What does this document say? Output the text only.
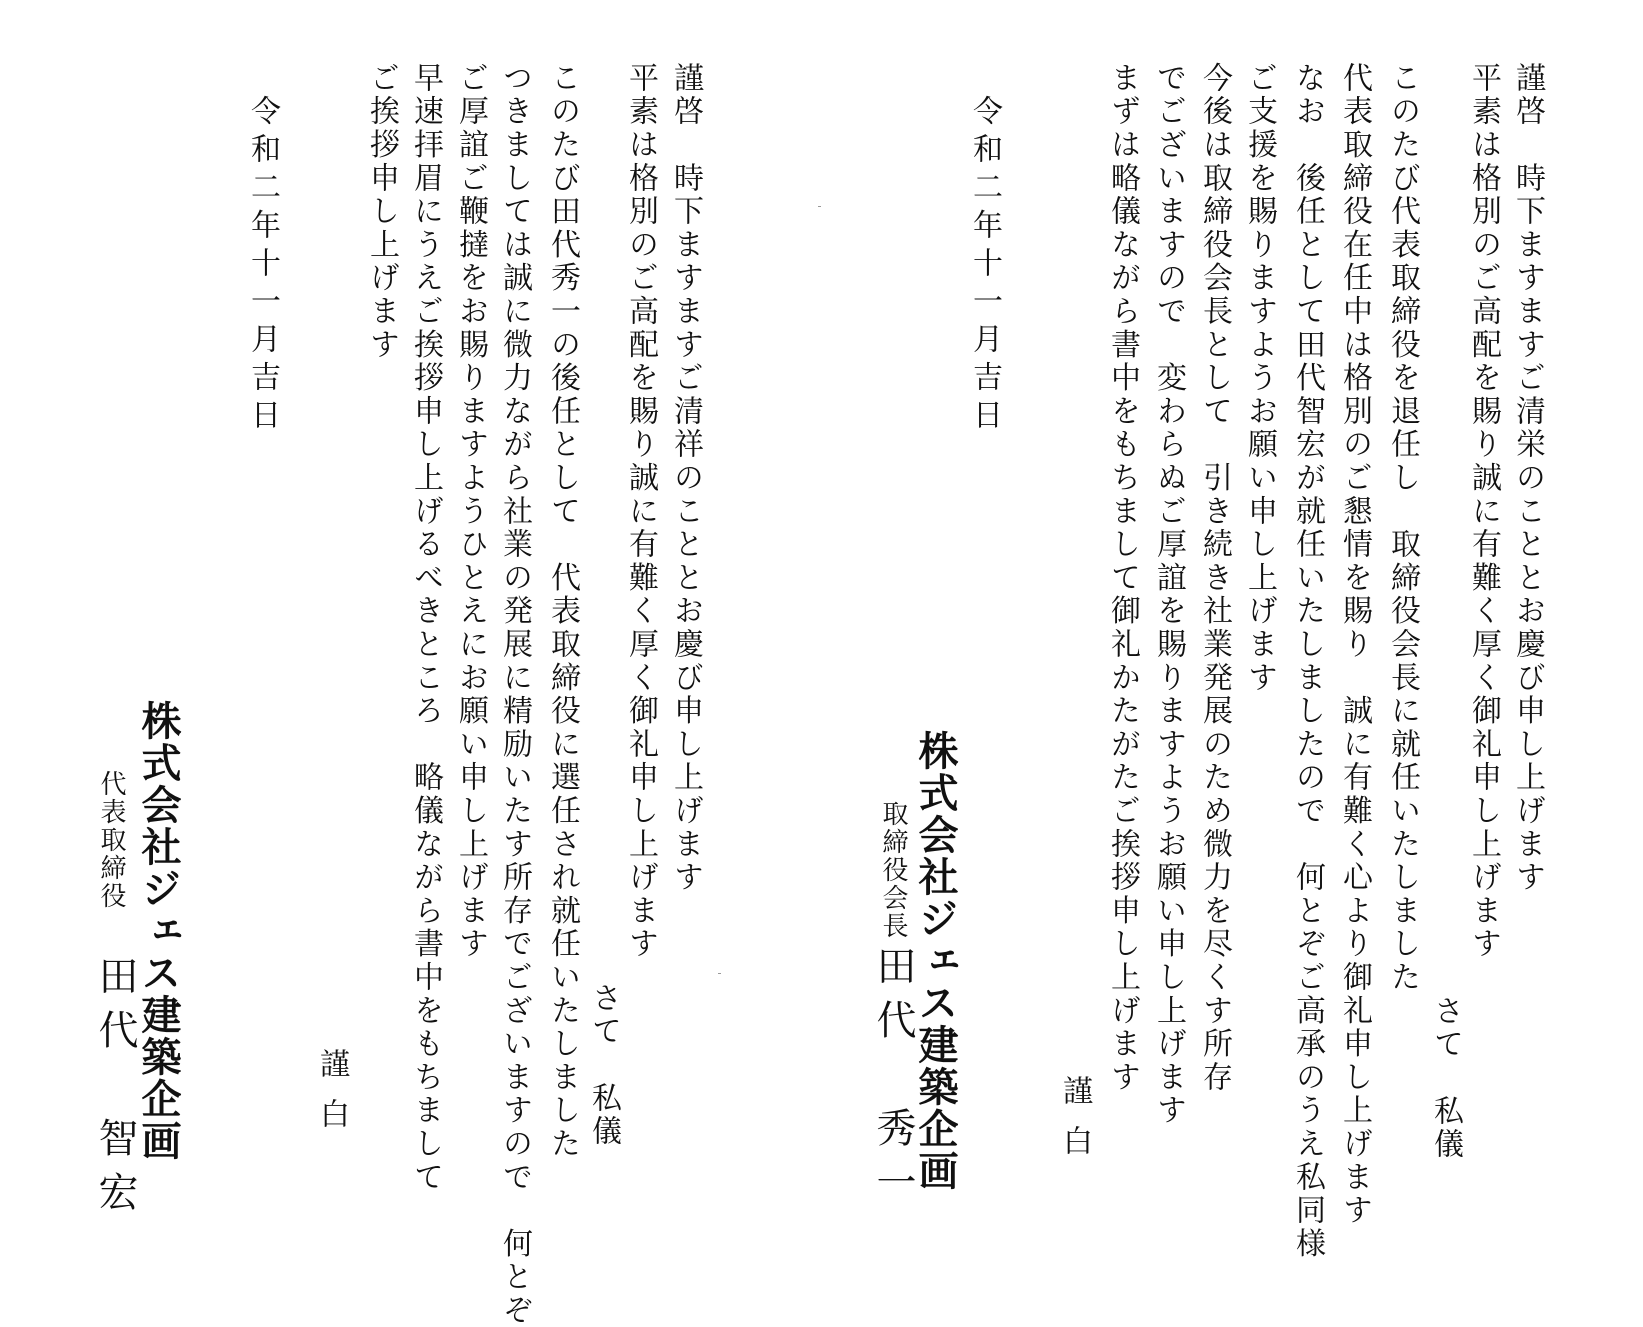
謹啓　時下ますますご清栄のこととお慶び申し上げます
平素は格別のご高配を賜り誠に有難く厚く御礼申し上げます
さて　私儀
このたび代表取締役を退任し　取締役会長に就任いたしました
代表取締役在任中は格別のご懇情を賜り　誠に有難く心より御礼申し上げます
なお　後任として田代智宏が就任いたしましたので　何とぞご高承のうえ私同様
ご支援を賜りますようお願い申し上げます
今後は取締役会長として　引き続き社業発展のため微力を尽くす所存
でございますので　変わらぬご厚誼を賜りますようお願い申し上げます
まずは略儀ながら書中をもちまして御礼かたがたご挨拶申し上げます
謹白
令和二年十一月吉日
株式会社ジェス建築企画
取締役会長
田代　秀一
謹啓　時下ますますご清祥のこととお慶び申し上げます
平素は格別のご高配を賜り誠に有難く厚く御礼申し上げます
さて　私儀
このたび田代秀一の後任として　代表取締役に選任され就任いたしました
つきましては誠に微力ながら社業の発展に精励いたす所存でございますので　何とぞ
ご厚誼ご鞭撻をお賜りますようひとえにお願い申し上げます
早速拝眉にうえご挨拶申し上げるべきところ　略儀ながら書中をもちまして
ご挨拶申し上げます
謹白
令和二年十一月吉日
株式会社ジェス建築企画
代表取締役
田代　智宏
